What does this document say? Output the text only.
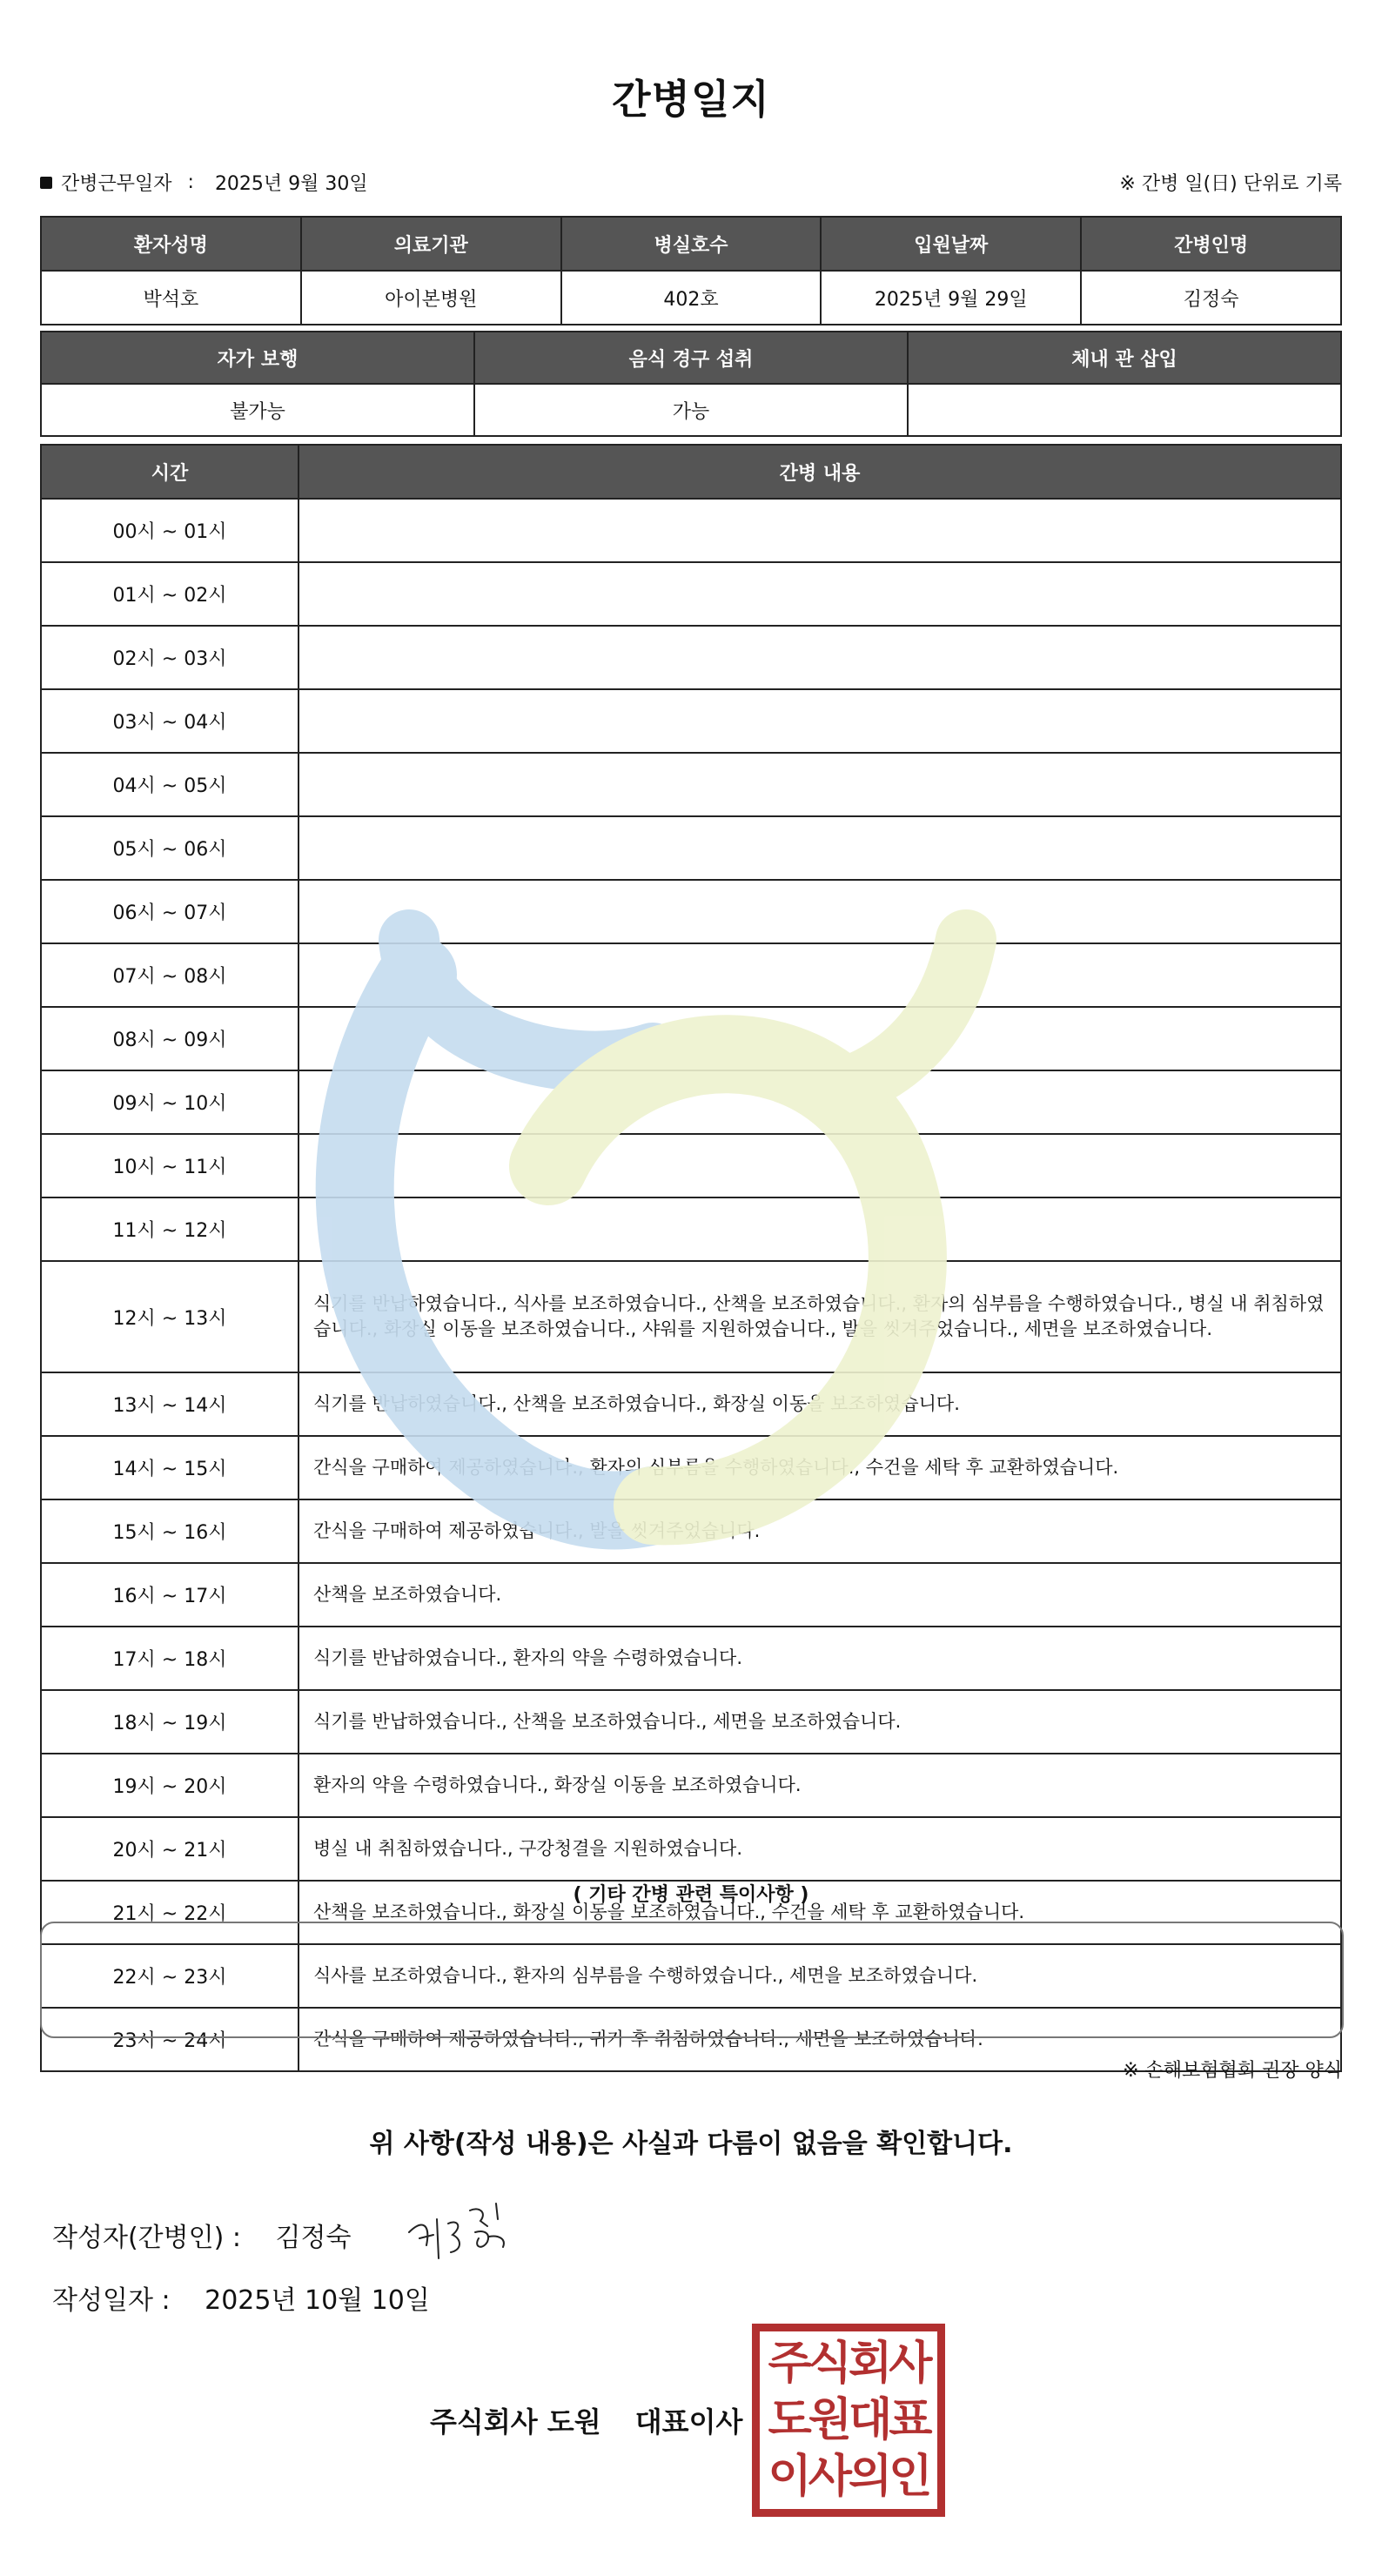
간병일지
간병근무일자 : 2025년 9월 30일	※ 간병 일(日) 단위로 기록
환자성명	의료기관	병실호수	입원날짜	간병인명
박석호	아이본병원	402호	2025년 9월 29일	김정숙
자가 보행	음식 경구 섭취	체내 관 삽입
불가능	가능	
시간	간병 내용
00시 ~ 01시	
01시 ~ 02시	
02시 ~ 03시	
03시 ~ 04시	
04시 ~ 05시	
05시 ~ 06시	
06시 ~ 07시	
07시 ~ 08시	
08시 ~ 09시	
09시 ~ 10시	
10시 ~ 11시	
11시 ~ 12시	
12시 ~ 13시	식기를 반납하였습니다., 식사를 보조하였습니다., 산책을 보조하였습니다., 환자의 심부름을 수행하였습니다., 병실 내 취침하였습니다., 화장실 이동을 보조하였습니다., 샤워를 지원하였습니다., 발을 씻겨주었습니다., 세면을 보조하였습니다.
13시 ~ 14시	식기를 반납하였습니다., 산책을 보조하였습니다., 화장실 이동을 보조하였습니다.
14시 ~ 15시	간식을 구매하여 제공하였습니다., 환자의 심부름을 수행하였습니다., 수건을 세탁 후 교환하였습니다.
15시 ~ 16시	간식을 구매하여 제공하였습니다., 발을 씻겨주었습니다.
16시 ~ 17시	산책을 보조하였습니다.
17시 ~ 18시	식기를 반납하였습니다., 환자의 약을 수령하였습니다.
18시 ~ 19시	식기를 반납하였습니다., 산책을 보조하였습니다., 세면을 보조하였습니다.
19시 ~ 20시	환자의 약을 수령하였습니다., 화장실 이동을 보조하였습니다.
20시 ~ 21시	병실 내 취침하였습니다., 구강청결을 지원하였습니다.
21시 ~ 22시	산책을 보조하였습니다., 화장실 이동을 보조하였습니다., 수건을 세탁 후 교환하였습니다.
22시 ~ 23시	식사를 보조하였습니다., 환자의 심부름을 수행하였습니다., 세면을 보조하였습니다.
23시 ~ 24시	간식을 구매하여 제공하였습니다., 귀가 후 취침하였습니다., 세면을 보조하였습니다.
( 기타 간병 관련 특이사항 )
※ 손해보험협회 권장 양식
위 사항(작성 내용)은 사실과 다름이 없음을 확인합니다.
작성자(간병인) : 김정숙
작성일자 : 2025년 10월 10일
주식회사 도원 대표이사
주식회사
도원대표
이사의인
